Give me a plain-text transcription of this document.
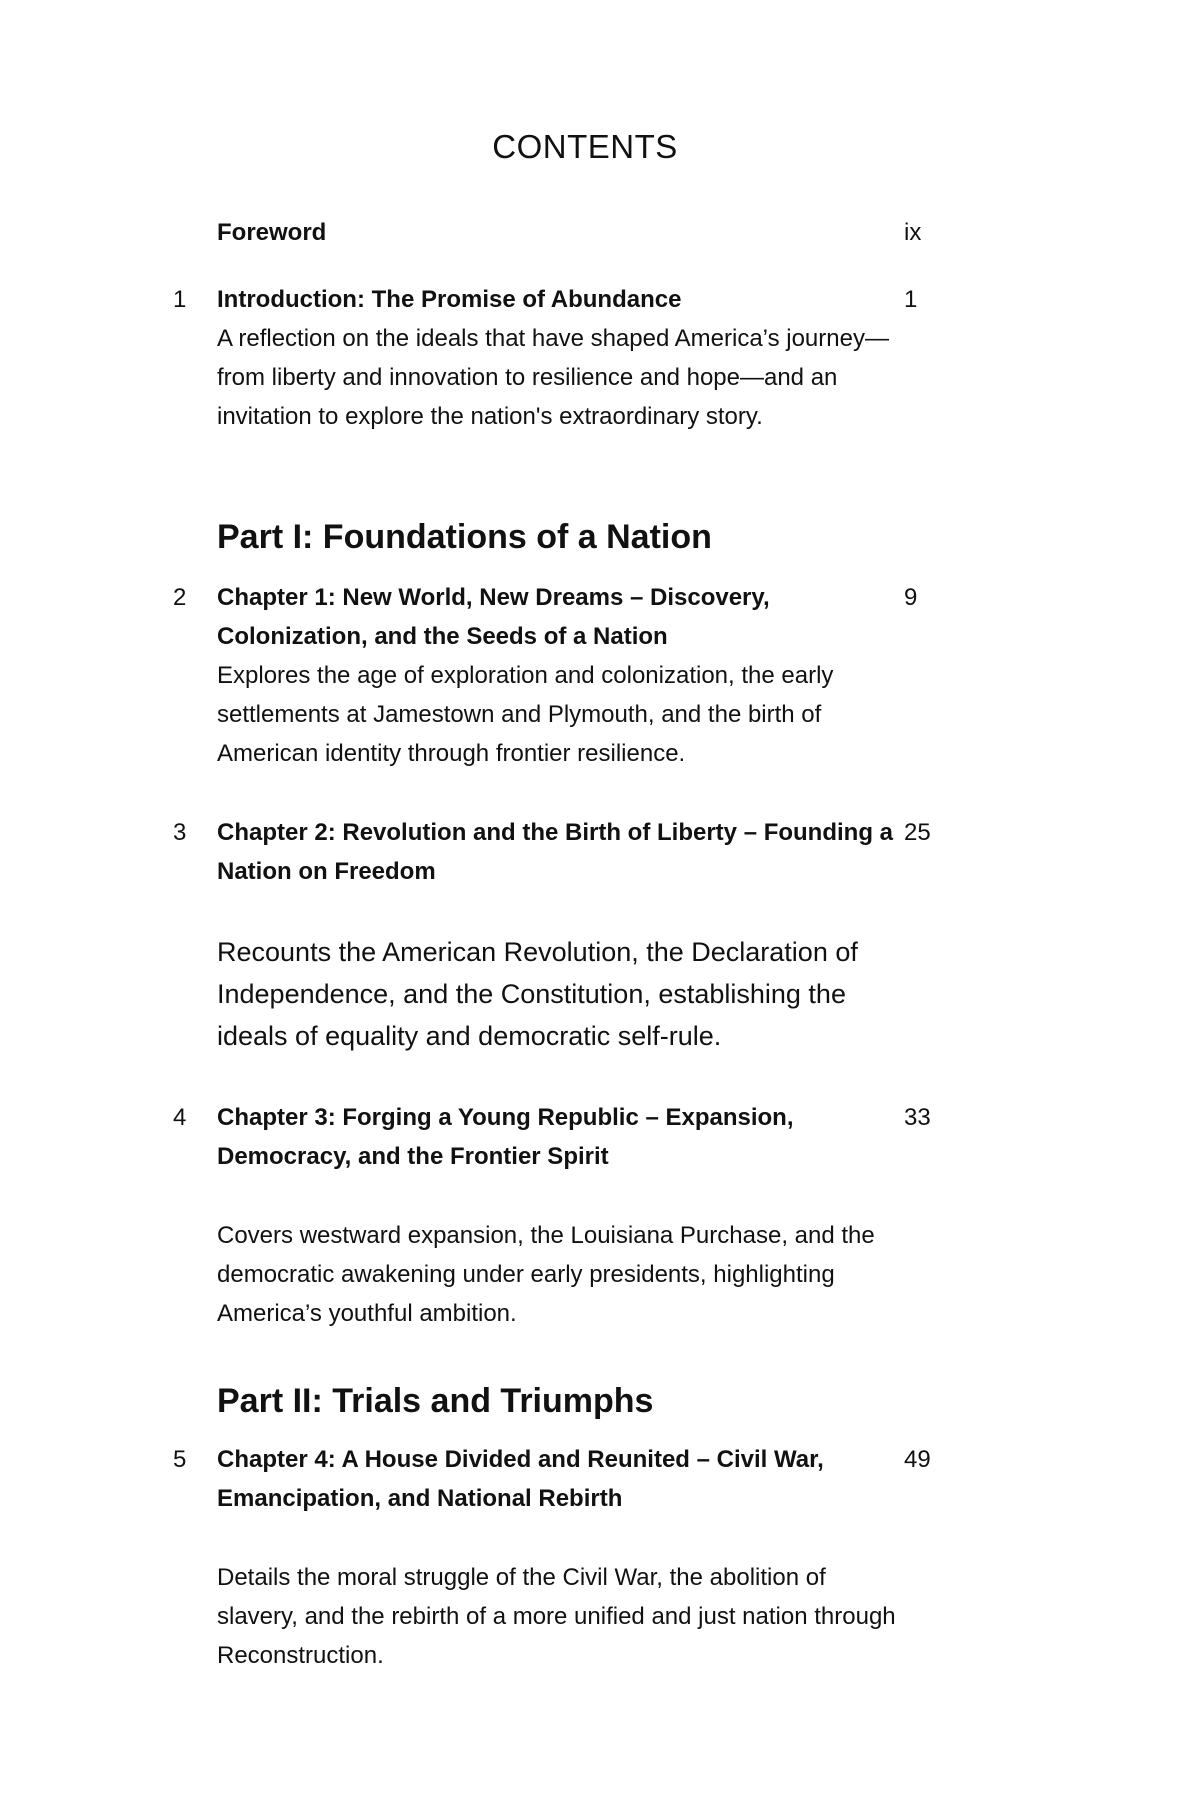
CONTENTS
Foreword	ix
1 Introduction: The Promise of Abundance	1
A reflection on the ideals that have shaped America’s journey—from liberty and innovation to resilience and hope—and an invitation to explore the nation's extraordinary story.
Part I: Foundations of a Nation
2 Chapter 1: New World, New Dreams – Discovery, Colonization, and the Seeds of a Nation
9
Explores the age of exploration and colonization, the early settlements at Jamestown and Plymouth, and the birth of American identity through frontier resilience.
3 Chapter 2: Revolution and the Birth of Liberty – Founding a Nation on Freedom
25
Recounts the American Revolution, the Declaration of Independence, and the Constitution, establishing the ideals of equality and democratic self-rule.
4 Chapter 3: Forging a Young Republic – Expansion, Democracy, and the Frontier Spirit
33
Covers westward expansion, the Louisiana Purchase, and the democratic awakening under early presidents, highlighting America’s youthful ambition.
Part II: Trials and Triumphs
5 Chapter 4: A House Divided and Reunited – Civil War, Emancipation, and National Rebirth
49
Details the moral struggle of the Civil War, the abolition of slavery, and the rebirth of a more unified and just nation through Reconstruction.
